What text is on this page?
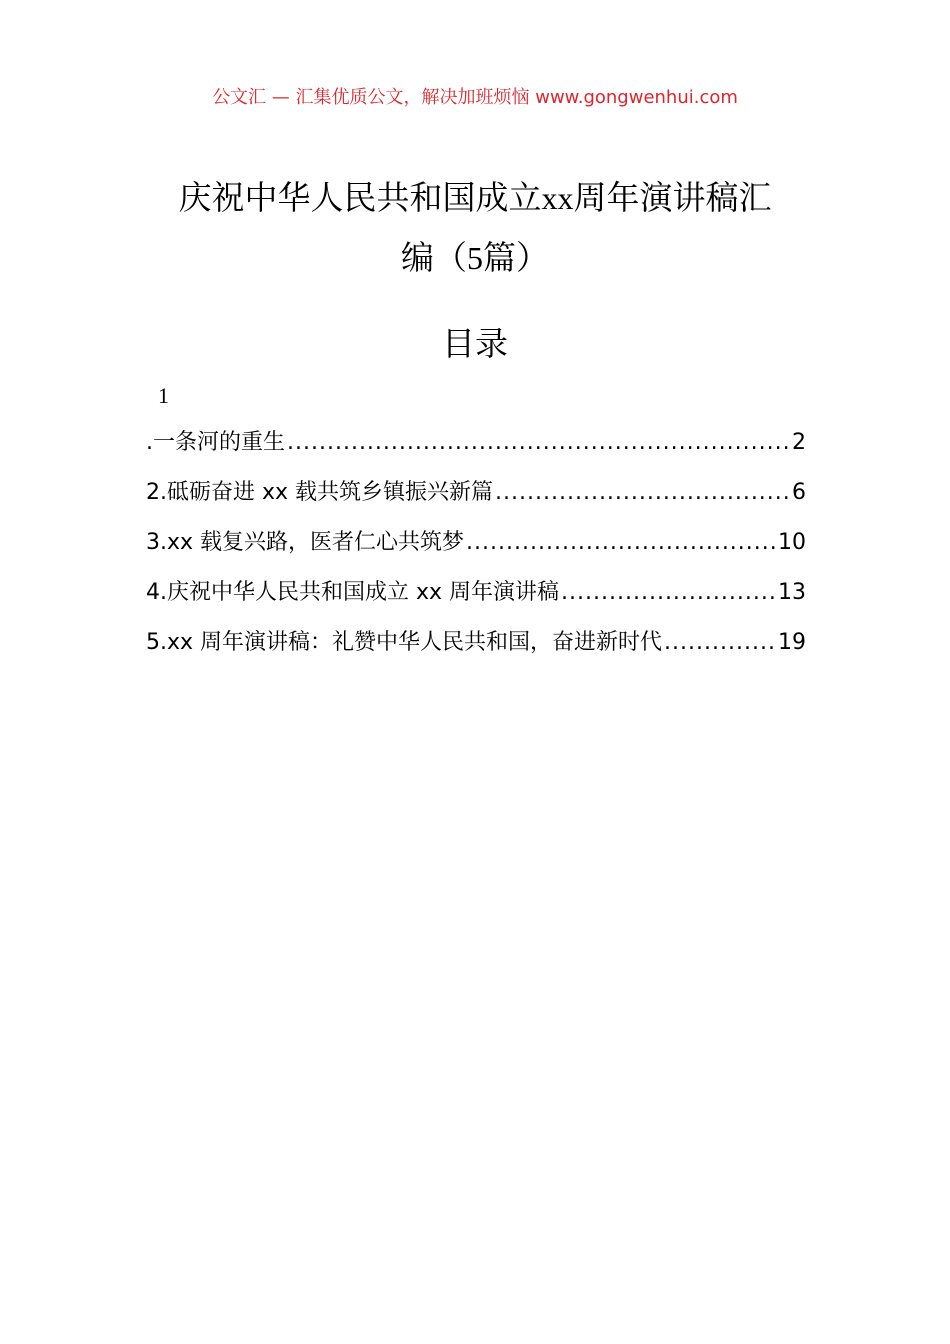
公文汇 — 汇集优质公文，解决加班烦恼 www.gongwenhui.com
庆祝中华人民共和国成立xx周年演讲稿汇
编（5篇）
目录
1
.一条河的重生 .....	2
2.砥砺奋进 xx 载共筑乡镇振兴新篇 .....	6
3.xx 载复兴路，医者仁心共筑梦 .....	10
4.庆祝中华人民共和国成立 xx 周年演讲稿 .....	13
5.xx 周年演讲稿：礼赞中华人民共和国，奋进新时代 .....	19
